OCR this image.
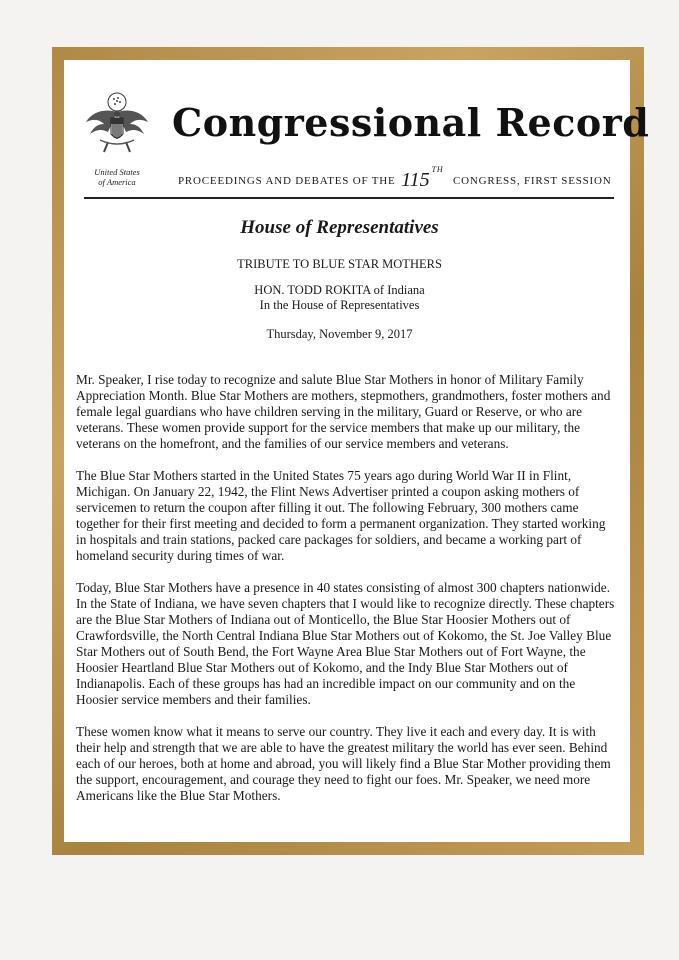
United States
of America
Congressional Record
PROCEEDINGS AND DEBATES OF THE 115 th CONGRESS, FIRST SESSION
House of Representatives
TRIBUTE TO BLUE STAR MOTHERS
HON. TODD ROKITA of Indiana
In the House of Representatives
Thursday, November 9, 2017

Mr. Speaker, I rise today to recognize and salute Blue Star Mothers in honor of Military Family Appreciation Month. Blue Star Mothers are mothers, stepmothers, grandmothers, foster mothers and female legal guardians who have children serving in the military, Guard or Reserve, or who are veterans. These women provide support for the service members that make up our military, the veterans on the homefront, and the families of our service members and veterans.

The Blue Star Mothers started in the United States 75 years ago during World War II in Flint, Michigan. On January 22, 1942, the Flint News Advertiser printed a coupon asking mothers of servicemen to return the coupon after filling it out. The following February, 300 mothers came together for their first meeting and decided to form a permanent organization. They started working in hospitals and train stations, packed care packages for soldiers, and became a working part of homeland security during times of war.

Today, Blue Star Mothers have a presence in 40 states consisting of almost 300 chapters nationwide. In the State of Indiana, we have seven chapters that I would like to recognize directly. These chapters are the Blue Star Mothers of Indiana out of Monticello, the Blue Star Hoosier Mothers out of Crawfordsville, the North Central Indiana Blue Star Mothers out of Kokomo, the St. Joe Valley Blue Star Mothers out of South Bend, the Fort Wayne Area Blue Star Mothers out of Fort Wayne, the Hoosier Heartland Blue Star Mothers out of Kokomo, and the Indy Blue Star Mothers out of Indianapolis. Each of these groups has had an incredible impact on our community and on the Hoosier service members and their families.

These women know what it means to serve our country. They live it each and every day. It is with their help and strength that we are able to have the greatest military the world has ever seen. Behind each of our heroes, both at home and abroad, you will likely find a Blue Star Mother providing them the support, encouragement, and courage they need to fight our foes. Mr. Speaker, we need more Americans like the Blue Star Mothers.
